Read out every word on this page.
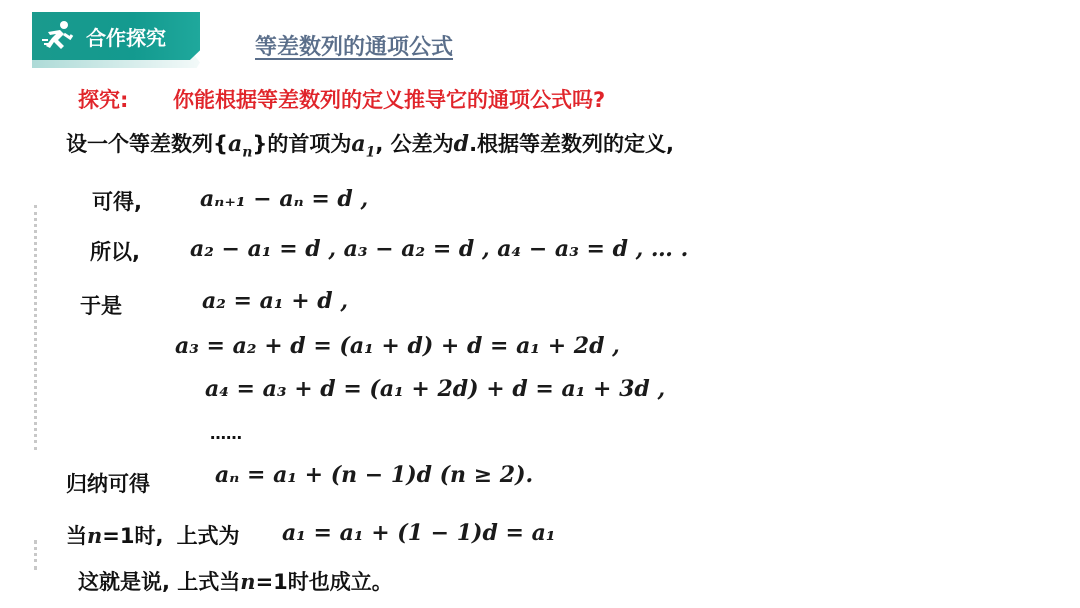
合作探究	等差数列的通项公式
探究: 你能根据等差数列的定义推导它的通项公式吗?
设一个等差数列$\{a_n\}$的首项为$a_1$, 公差为d.根据等差数列的定义,
可得,	aₙ₊₁ − aₙ = d ,
所以, a₂ − a₁ = d , a₃ − a₂ = d , a₄ − a₃ = d , … .
于是	a₂ = a₁ + d ,
a₃ = a₂ + d = (a₁ + d) + d = a₁ + 2d ,
a₄ = a₃ + d = (a₁ + 2d) + d = a₁ + 3d ,
……
归纳可得	aₙ = a₁ + (n − 1)d (n ≥ 2).
当n=1时, 上式为 a₁ = a₁ + (1 − 1)d = a₁
这就是说, 上式当n=1时也成立。
